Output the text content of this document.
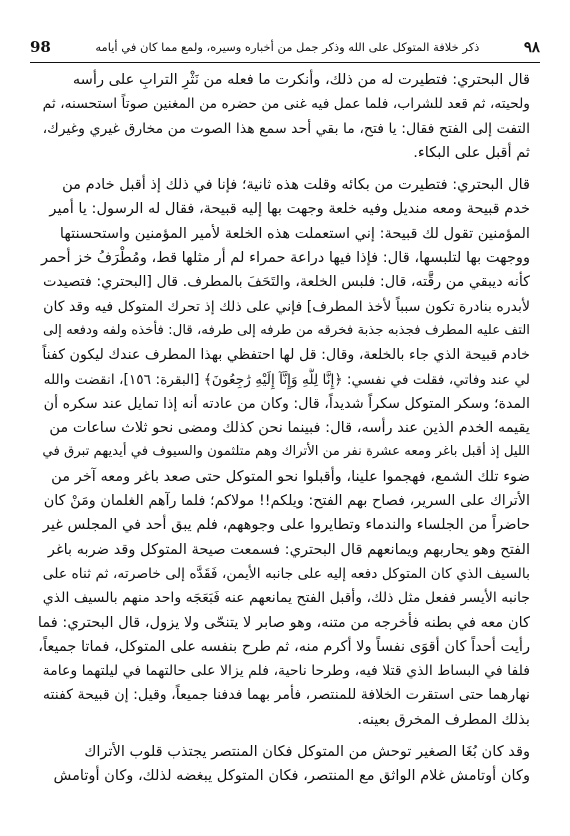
٩٨
ذكر خلافة المتوكل على الله وذكر جمل من أخباره وسيره، ولمع مما كان في أيامه
98

قال البحتري: فتطيرت له من ذلك، وأنكرت ما فعله من نَثْرِ الترابِ على رأسه
ولحيته، ثم قعد للشراب، فلما عمل فيه غنى من حضره من المغنين صوتاً استحسنه، ثم
التفت إلى الفتح فقال: يا فتح، ما بقي أحد سمع هذا الصوت من مخارق غيري وغيرك،
ثم أقبل على البكاء.

قال البحتري: فتطيرت من بكائه وقلت هذه ثانية؛ فإنا في ذلك إذ أقبل خادم من
خدم قبيحة ومعه منديل وفيه خلعة وجهت بها إليه قبيحة، فقال له الرسول: يا أمير
المؤمنين تقول لك قبيحة: إني استعملت هذه الخلعة لأمير المؤمنين واستحسنتها
ووجهت بها لتلبسها، قال: فإذا فيها دراعة حمراء لم أر مثلها قط، ومُطْرَفُ خز أحمر
كأنه ديبقي من رقَّته، قال: فلبس الخلعة، والتَحَفَ بالمطرف. قال [البحتري: فتصيدت
لأبدره بنادرة تكون سبباً لأخذ المطرف] فإني على ذلك إذ تحرك المتوكل فيه وقد كان
التف عليه المطرف فجذبه جذبة فخرقه من طرفه إلى طرفه، قال: فأخذه ولفه ودفعه إلى
خادم قبيحة الذي جاء بالخلعة، وقال: قل لها احتفظي بهذا المطرف عندك ليكون كفناً
لي عند وفاتي، فقلت في نفسي: ﴿إِنَّا لِلَّهِ وَإِنَّآ إِلَيْهِ رَٰجِعُونَ﴾ [البقرة: ١٥٦]، انقضت والله
المدة؛ وسكر المتوكل سكراً شديداً، قال: وكان من عادته أنه إذا تمايل عند سكره أن
يقيمه الخدم الذين عند رأسه، قال: فبينما نحن كذلك ومضى نحو ثلاث ساعات من
الليل إذ أقبل باغر ومعه عشرة نفر من الأتراك وهم متلثمون والسيوف في أيديهم تبرق في
ضوء تلك الشمع، فهجموا علينا، وأقبلوا نحو المتوكل حتى صعد باغر ومعه آخر من
الأتراك على السرير، فصاح بهم الفتح: ويلكم!! مولاكم؛ فلما رآهم الغلمان ومَنْ كان
حاضراً من الجلساء والندماء وتطايروا على وجوههم، فلم يبق أحد في المجلس غير
الفتح وهو يحاربهم ويمانعهم قال البحتري: فسمعت صيحة المتوكل وقد ضربه باغر
بالسيف الذي كان المتوكل دفعه إليه على جانبه الأيمن، فَقَدَّه إلى خاصرته، ثم ثناه على
جانبه الأيسر ففعل مثل ذلك، وأقبل الفتح يمانعهم عنه فَبَعَجَه واحد منهم بالسيف الذي
كان معه في بطنه فأخرجه من متنه، وهو صابر لا يتنحّى ولا يزول، قال البحتري: فما
رأيت أحداً كان أقوَى نفساً ولا أكرم منه، ثم طرح بنفسه على المتوكل، فماتا جميعاً،
فلفا في البساط الذي قتلا فيه، وطرحا ناحية، فلم يزالا على حالتهما في ليلتهما وعامة
نهارهما حتى استقرت الخلافة للمنتصر، فأمر بهما فدفنا جميعاً، وقيل: إن قبيحة كفنته
بذلك المطرف المخرق بعينه.

وقد كان بُغَا الصغير توحش من المتوكل فكان المنتصر يجتذب قلوب الأتراك
وكان أوتامش غلام الواثق مع المنتصر، فكان المتوكل يبغضه لذلك، وكان أوتامش
